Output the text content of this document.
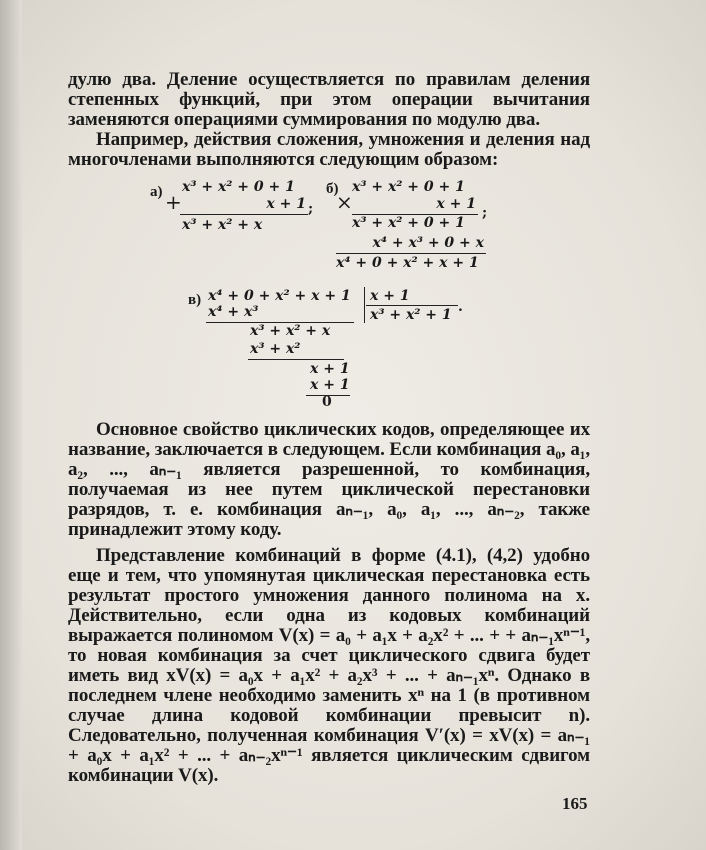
дулю два. Деление осуществляется по правилам деления степенных функций, при этом операции вычитания заменяются операциями суммирования по модулю два.

Например, действия сложения, умножения и деления над многочленами выполняются следующим образом:

а) x³ + x² + 0 + 1
+	x + 1
x³ + x² + x
;
б) x³ + x² + 0 + 1
×	x + 1
x³ + x² + 0 + 1
;
x⁴ + x³ + 0 + x
x⁴ + 0 + x² + x + 1
в) x⁴ + 0 + x² + x + 1 x + 1
x³ + x² + 1 .
x⁴ + x³
x³ + x² + x
x³ + x²
x + 1
x + 1
0

Основное свойство циклических кодов, определяющее их название, заключается в следующем. Если комбинация a₀, a₁, a₂, ..., aₙ₋₁ является разрешенной, то комбинация, получаемая из нее путем циклической перестановки разрядов, т. е. комбинация aₙ₋₁, a₀, a₁, ..., aₙ₋₂, также принадлежит этому коду.

Представление комбинаций в форме (4.1), (4,2) удобно еще и тем, что упомянутая циклическая перестановка есть результат простого умножения данного полинома на x. Действительно, если одна из кодовых комбинаций выражается полиномом V(x) = a₀ + a₁x + a₂x² + ... + + aₙ₋₁xⁿ⁻¹, то новая комбинация за счет циклического сдвига будет иметь вид xV(x) = a₀x + a₁x² + a₂x³ + ... + aₙ₋₁xⁿ. Однако в последнем члене необходимо заменить xⁿ на 1 (в противном случае длина кодовой комбинации превысит n). Следовательно, полученная комбинация V′(x) = xV(x) = aₙ₋₁ + a₀x + a₁x² + ... + aₙ₋₂xⁿ⁻¹ является циклическим сдвигом комбинации V(x).

165
